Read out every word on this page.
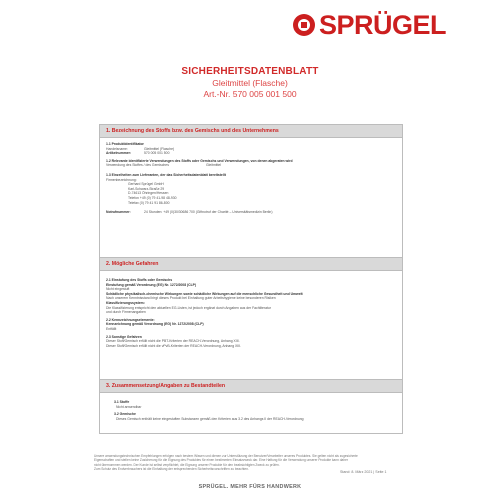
SPRÜGEL
SICHERHEITSDATENBLATT
Gleitmittel (Flasche)
Art.-Nr. 570 005 001 500
1. Bezeichnung des Stoffs bzw. des Gemischs und des Unternehmens
1.1 Produktidentifikator
Handelsname:	Gleitmittel (Flasche)
Artikelnummer:	570 005 001 500
1.2 Relevante identifizierte Verwendungen des Stoffs oder Gemischs und Verwendungen, von denen abgeraten wird
Verwendung des Stoffes / des Gemisches	Gleitmittel
1.3 Einzelheiten zum Lieferanten, der das Sicherheitsdatenblatt bereitstellt
Firmenbezeichnung:
Gerhard Sprügel GmbH
Karl-Schwarz-Straße 29
D-74613 Öhringen/Hessen
Telefon +49 (0) 79 41-98 48-930
Telefax (0) 79 41 91 86-800
Notrufnummer:	24 Stunden: +49 (0)30/30686 700 (Giftnotruf der Charité – Universitätsmedizin Berlin)
2. Mögliche Gefahren
2.1 Einstufung des Stoffs oder Gemischs
Einstufung gemäß Verordnung (EG) Nr. 1272/2008 (CLP)
Nicht eingestuft
Schädliche physikalisch-chemische Wirkungen sowie schädliche Wirkungen auf die menschliche Gesundheit und Umwelt
Nach unserem Kenntnisstand birgt dieses Produkt bei Einhaltung guter Arbeitshygiene keine besonderen Risiken
Klassifizierungssystem:
Die Klassifizierung entspricht den aktuellen EG-Listen, ist jedoch ergänzt durch Angaben aus der Fachliteratur
und durch Firmenangaben
2.2 Kennzeichnungselemente:
Kennzeichnung gemäß Verordnung (EG) Nr. 1272/2008 (CLP)
Entfällt
2.3 Sonstige Gefahren
Dieser Stoff/Gemisch erfüllt nicht die PBT-Kriterien der REACH-Verordnung, Anhang XIII.
Dieser Stoff/Gemisch erfüllt nicht die vPvB-Kriterien der REACH-Verordnung, Anhang XIII.
3. Zusammensetzung/Angaben zu Bestandteilen
3.1 Stoffe
Nicht anwendbar
3.2 Gemische
Dieses Gemisch enthält keine eingestuften Substanzen gemäß den Kriterien aus 3.2 des Anhangs II der REACH-Verordnung
Unsere anwendungstechnischen Empfehlungen erfolgen nach bestem Wissen und dienen zur Unterstützung der Benutzer/Verarbeiter unseres Produktes. Sie gelten nicht als zugesicherte
Eigenschaften und stellen keine Zusicherung für die Eignung des Produktes für einen bestimmten Einsatzzweck dar. Eine Haftung für die Verwendung unserer Produkte kann daher
nicht übernommen werden. Der Kunde ist selbst verpflichtet, die Eignung unserer Produkte für den beabsichtigten Zweck zu prüfen.
Zum Schutz des Endverbrauchers ist die Einhaltung der entsprechenden Sicherheitsvorschriften zu beachten.
Stand: 8. März 2021 | Seite 1
SPRÜGEL. MEHR FÜRS HANDWERK
